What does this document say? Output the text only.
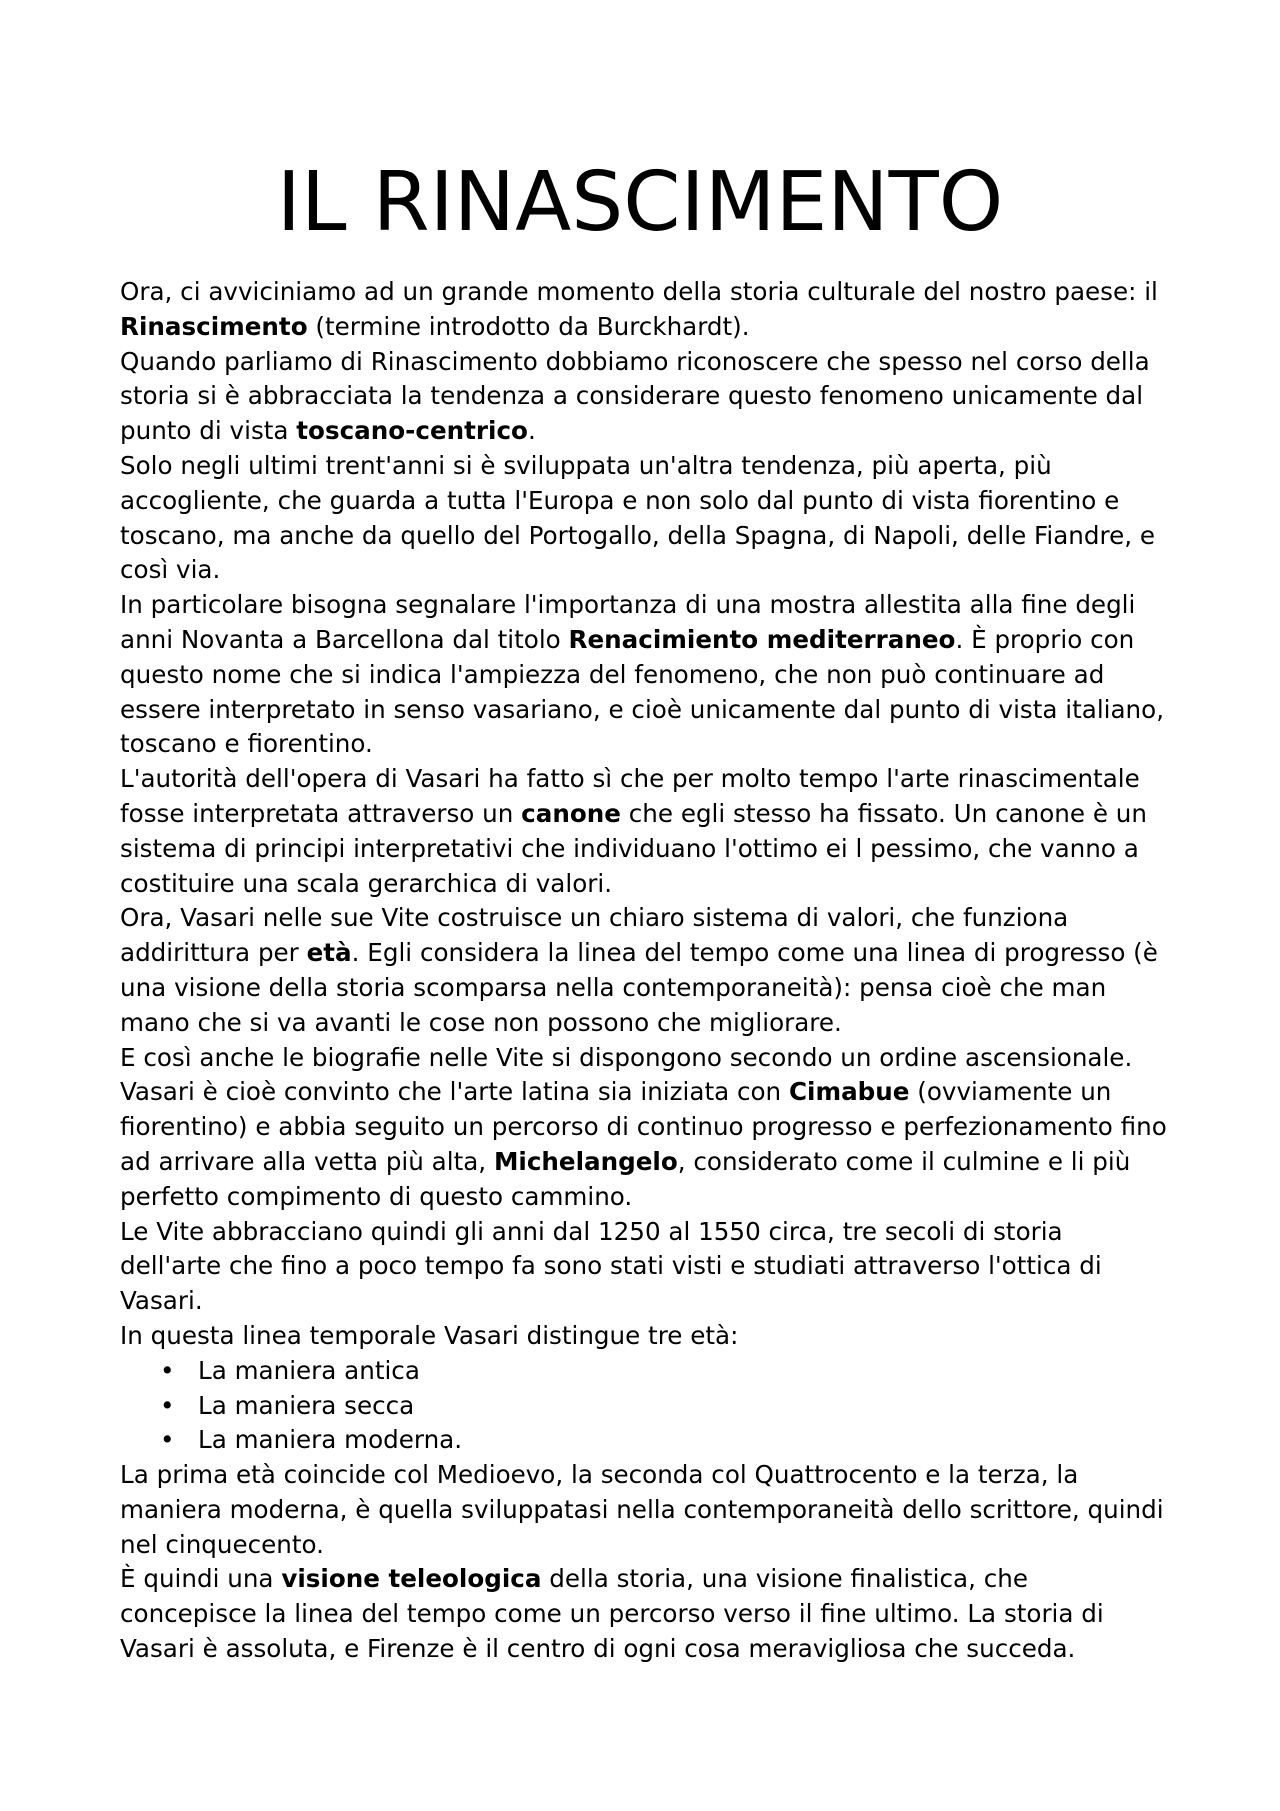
IL RINASCIMENTO

Ora, ci avviciniamo ad un grande momento della storia culturale del nostro paese: il Rinascimento (termine introdotto da Burckhardt).

Quando parliamo di Rinascimento dobbiamo riconoscere che spesso nel corso della storia si è abbracciata la tendenza a considerare questo fenomeno unicamente dal punto di vista toscano-centrico.

Solo negli ultimi trent'anni si è sviluppata un'altra tendenza, più aperta, più accogliente, che guarda a tutta l'Europa e non solo dal punto di vista fiorentino e toscano, ma anche da quello del Portogallo, della Spagna, di Napoli, delle Fiandre, e così via.

In particolare bisogna segnalare l'importanza di una mostra allestita alla fine degli anni Novanta a Barcellona dal titolo Renacimiento mediterraneo. È proprio con questo nome che si indica l'ampiezza del fenomeno, che non può continuare ad essere interpretato in senso vasariano, e cioè unicamente dal punto di vista italiano, toscano e fiorentino.

L'autorità dell'opera di Vasari ha fatto sì che per molto tempo l'arte rinascimentale fosse interpretata attraverso un canone che egli stesso ha fissato. Un canone è un sistema di principi interpretativi che individuano l'ottimo ei l pessimo, che vanno a costituire una scala gerarchica di valori.

Ora, Vasari nelle sue Vite costruisce un chiaro sistema di valori, che funziona addirittura per età. Egli considera la linea del tempo come una linea di progresso (è una visione della storia scomparsa nella contemporaneità): pensa cioè che man mano che si va avanti le cose non possono che migliorare.

E così anche le biografie nelle Vite si dispongono secondo un ordine ascensionale. Vasari è cioè convinto che l'arte latina sia iniziata con Cimabue (ovviamente un fiorentino) e abbia seguito un percorso di continuo progresso e perfezionamento fino ad arrivare alla vetta più alta, Michelangelo, considerato come il culmine e li più perfetto compimento di questo cammino.

Le Vite abbracciano quindi gli anni dal 1250 al 1550 circa, tre secoli di storia dell'arte che fino a poco tempo fa sono stati visti e studiati attraverso l'ottica di Vasari.

In questa linea temporale Vasari distingue tre età:

• La maniera antica
• La maniera secca
• La maniera moderna.

La prima età coincide col Medioevo, la seconda col Quattrocento e la terza, la maniera moderna, è quella sviluppatasi nella contemporaneità dello scrittore, quindi nel cinquecento.

È quindi una visione teleologica della storia, una visione finalistica, che concepisce la linea del tempo come un percorso verso il fine ultimo. La storia di Vasari è assoluta, e Firenze è il centro di ogni cosa meravigliosa che succeda.
